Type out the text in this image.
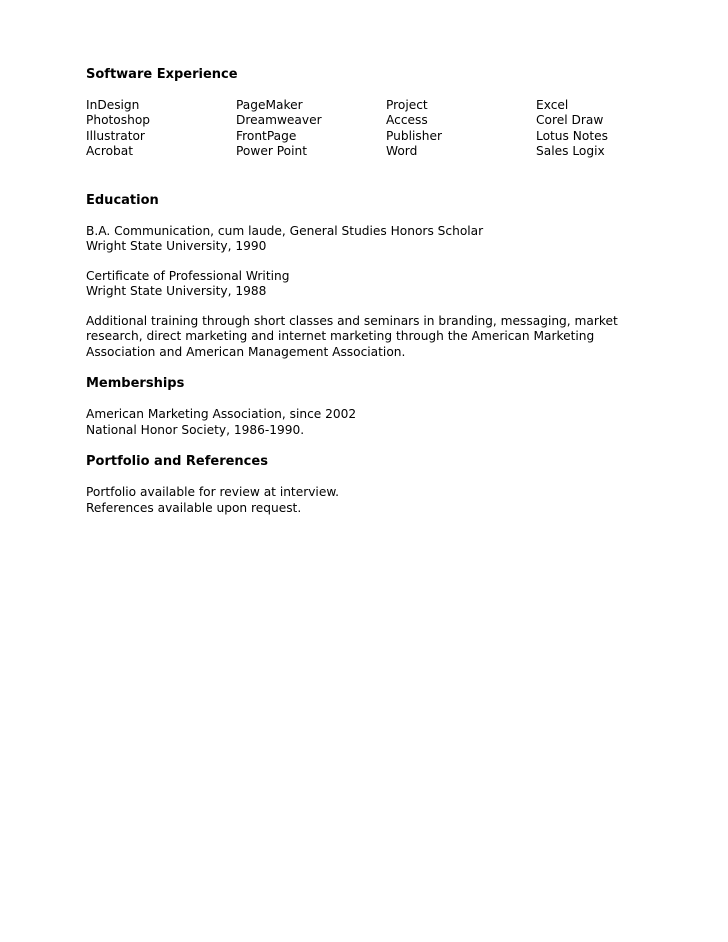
Software Experience
InDesign
Photoshop
Illustrator
Acrobat
PageMaker
Dreamweaver
FrontPage
Power Point
Project
Access
Publisher
Word
Excel
Corel Draw
Lotus Notes
Sales Logix
Education

B.A. Communication, cum laude, General Studies Honors Scholar
Wright State University, 1990

Certificate of Professional Writing
Wright State University, 1988

Additional training through short classes and seminars in branding, messaging, market
research, direct marketing and internet marketing through the American Marketing
Association and American Management Association.

Memberships

American Marketing Association, since 2002
National Honor Society, 1986-1990.

Portfolio and References

Portfolio available for review at interview.
References available upon request.
